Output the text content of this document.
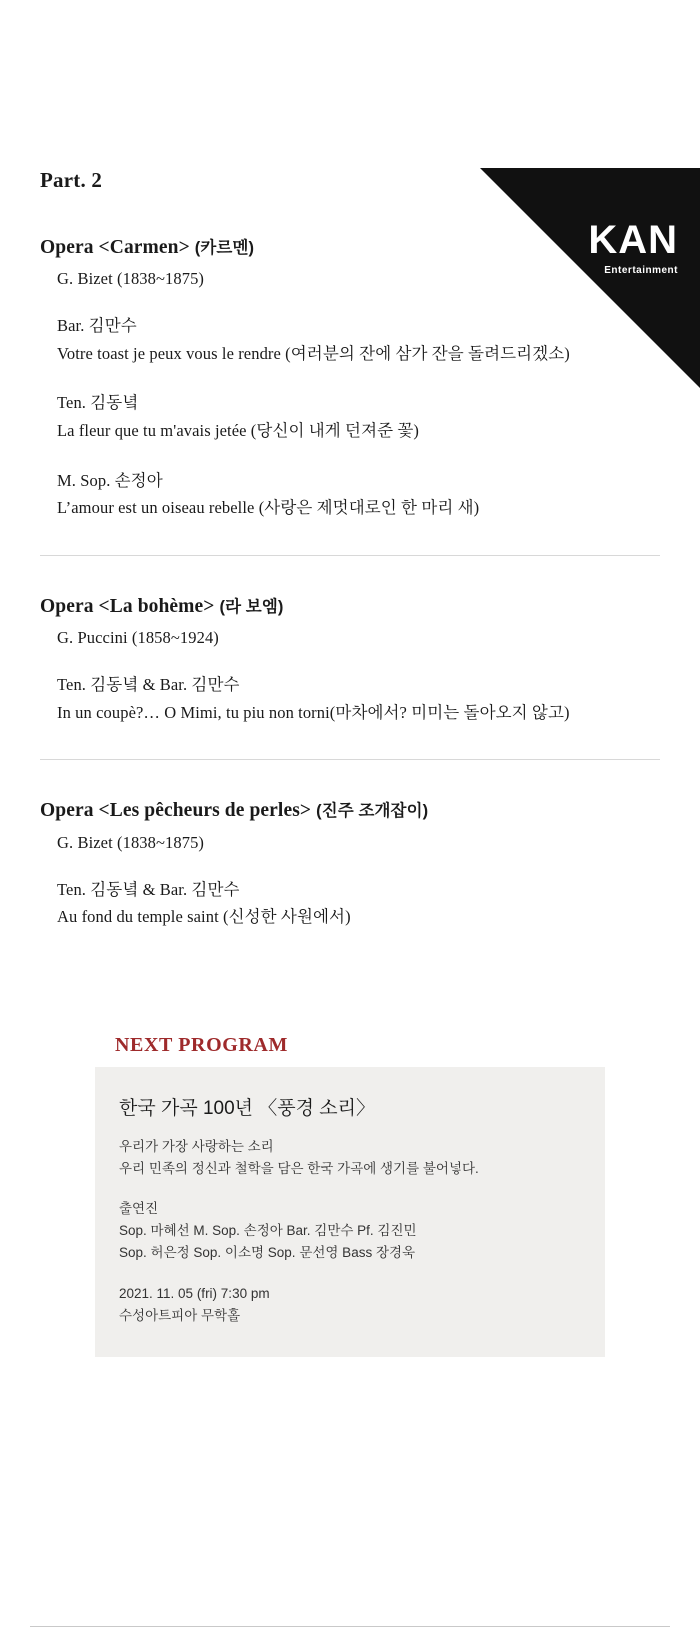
KAN
Entertainment
Part. 2
Opera <Carmen> (카르멘)
G. Bizet (1838~1875)
Bar. 김만수
Votre toast je peux vous le rendre (여러분의 잔에 삼가 잔을 돌려드리겠소)
Ten. 김동녘
La fleur que tu m'avais jetée (당신이 내게 던져준 꽃)
M. Sop. 손정아
L’amour est un oiseau rebelle (사랑은 제멋대로인 한 마리 새)
Opera <La bohème> (라 보엠)
G. Puccini (1858~1924)
Ten. 김동녘 & Bar. 김만수
In un coupè?… O Mimi, tu piu non torni(마차에서? 미미는 돌아오지 않고)
Opera <Les pêcheurs de perles> (진주 조개잡이)
G. Bizet (1838~1875)
Ten. 김동녘 & Bar. 김만수
Au fond du temple saint (신성한 사원에서)
NEXT PROGRAM
한국 가곡 100년 〈풍경 소리〉
우리가 가장 사랑하는 소리
우리 민족의 정신과 철학을 담은 한국 가곡에 생기를 불어넣다.
출연진
Sop. 마혜선 M. Sop. 손정아 Bar. 김만수 Pf. 김진민
Sop. 허은정 Sop. 이소명 Sop. 문선영 Bass 장경욱
2021. 11. 05 (fri) 7:30 pm
수성아트피아 무학홀
